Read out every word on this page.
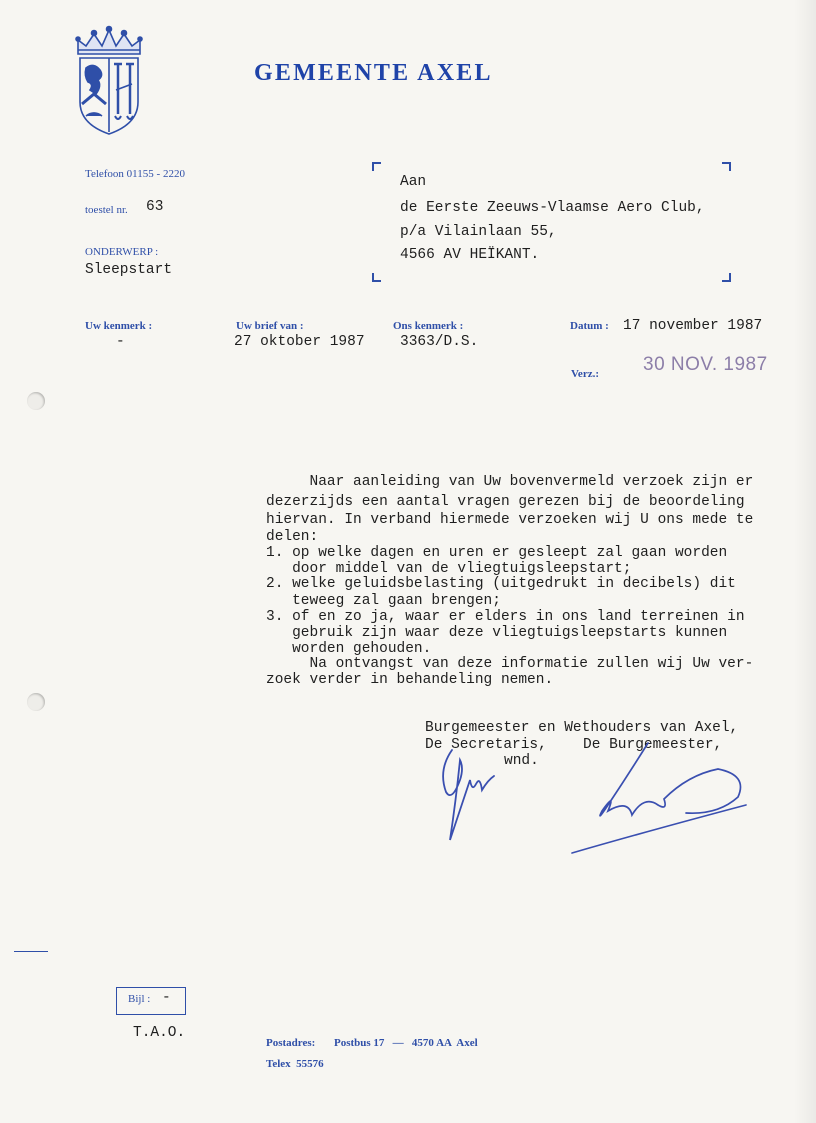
GEMEENTE AXEL
Telefoon 01155 - 2220
toestel nr. 63
ONDERWERP :
Sleepstart
Aan
de Eerste Zeeuws-Vlaamse Aero Club,
p/a Vilainlaan 55,
4566 AV HEÏKANT.
Uw kenmerk :
-
Uw brief van :
27 oktober 1987
Ons kenmerk :
3363/D.S.
Datum : 17 november 1987
Verz.: 30 NOV. 1987
Naar aanleiding van Uw bovenvermeld verzoek zijn er
dezerzijds een aantal vragen gerezen bij de beoordeling
hiervan. In verband hiermede verzoeken wij U ons mede te
delen:
1. op welke dagen en uren er gesleept zal gaan worden
door middel van de vliegtuigsleepstart;
2. welke geluidsbelasting (uitgedrukt in decibels) dit
teweeg zal gaan brengen;
3. of en zo ja, waar er elders in ons land terreinen in
gebruik zijn waar deze vliegtuigsleepstarts kunnen
worden gehouden.
Na ontvangst van deze informatie zullen wij Uw ver-
zoek verder in behandeling nemen.
Burgemeester en Wethouders van Axel,
De Secretaris, De Burgemeester,
wnd.
Bijl : -
T.A.O.
Postadres: Postbus 17   —   4570 AA  Axel
Telex  55576
